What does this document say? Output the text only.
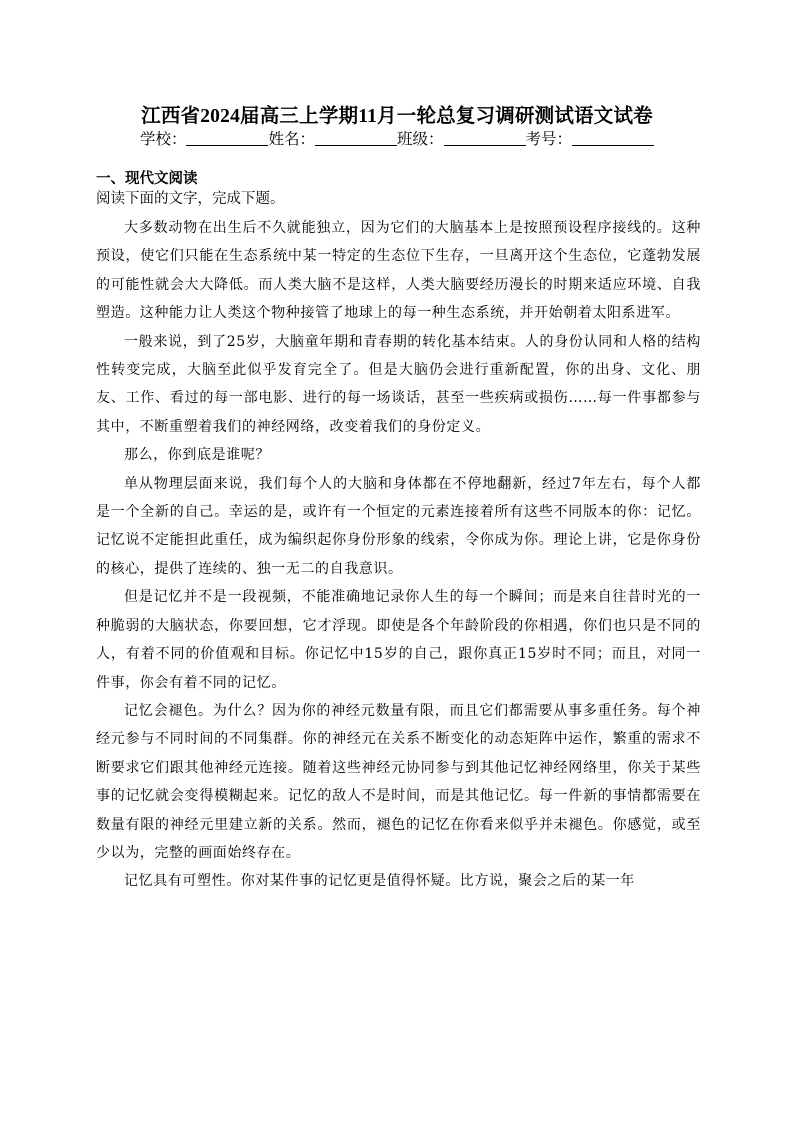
江西省2024届高三上学期11月一轮总复习调研测试语文试卷
学校：	姓名：	班级：	考号：
一、现代文阅读
阅读下面的文字，完成下题。

大多数动物在出生后不久就能独立，因为它们的大脑基本上是按照预设程序接线的。这种预设，使它们只能在生态系统中某一特定的生态位下生存，一旦离开这个生态位，它蓬勃发展的可能性就会大大降低。而人类大脑不是这样，人类大脑要经历漫长的时期来适应环境、自我塑造。这种能力让人类这个物种接管了地球上的每一种生态系统，并开始朝着太阳系进军。

一般来说，到了25岁，大脑童年期和青春期的转化基本结束。人的身份认同和人格的结构性转变完成，大脑至此似乎发育完全了。但是大脑仍会进行重新配置，你的出身、文化、朋友、工作、看过的每一部电影、进行的每一场谈话，甚至一些疾病或损伤……每一件事都参与其中，不断重塑着我们的神经网络，改变着我们的身份定义。

那么，你到底是谁呢？

单从物理层面来说，我们每个人的大脑和身体都在不停地翻新，经过7年左右，每个人都是一个全新的自己。幸运的是，或许有一个恒定的元素连接着所有这些不同版本的你：记忆。记忆说不定能担此重任，成为编织起你身份形象的线索，令你成为你。理论上讲，它是你身份的核心，提供了连续的、独一无二的自我意识。

但是记忆并不是一段视频，不能准确地记录你人生的每一个瞬间；而是来自往昔时光的一种脆弱的大脑状态，你要回想，它才浮现。即使是各个年龄阶段的你相遇，你们也只是不同的人，有着不同的价值观和目标。你记忆中15岁的自己，跟你真正15岁时不同；而且，对同一件事，你会有着不同的记忆。

记忆会褪色。为什么？因为你的神经元数量有限，而且它们都需要从事多重任务。每个神经元参与不同时间的不同集群。你的神经元在关系不断变化的动态矩阵中运作，繁重的需求不断要求它们跟其他神经元连接。随着这些神经元协同参与到其他记忆神经网络里，你关于某些事的记忆就会变得模糊起来。记忆的敌人不是时间，而是其他记忆。每一件新的事情都需要在数量有限的神经元里建立新的关系。然而，褪色的记忆在你看来似乎并未褪色。你感觉，或至少以为，完整的画面始终存在。

记忆具有可塑性。你对某件事的记忆更是值得怀疑。比方说，聚会之后的某一年
